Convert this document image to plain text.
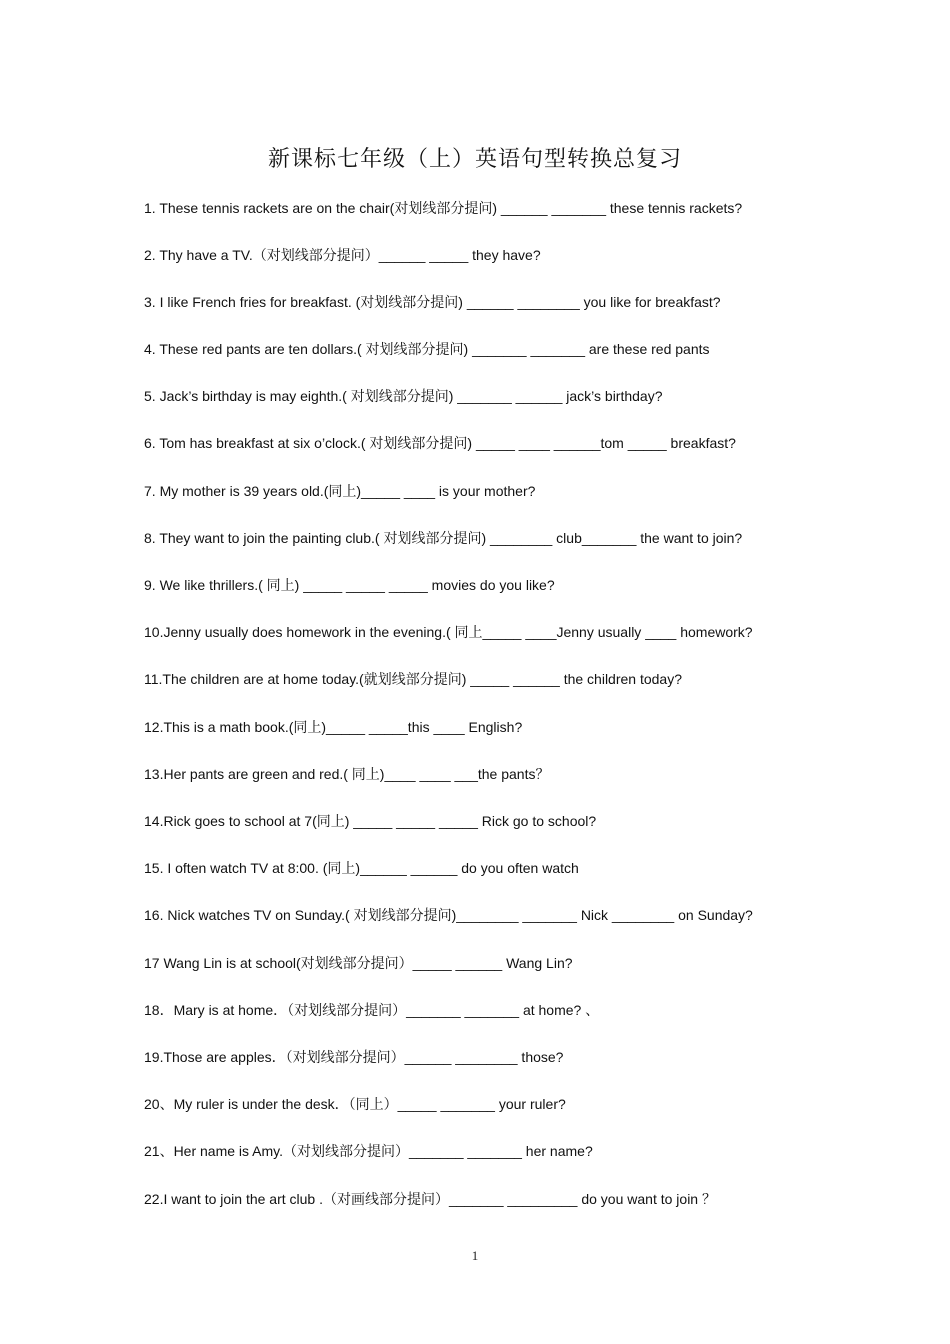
新课标七年级（上）英语句型转换总复习
1. These tennis rackets are on the chair(对划线部分提问) ______ _______ these tennis rackets?
2. Thy have a TV.（对划线部分提问）______ _____ they have?
3. I like French fries for breakfast. (对划线部分提问) ______ ________ you like for breakfast?
4. These red pants are ten dollars.( 对划线部分提问) _______ _______ are these red pants
5. Jack’s birthday is may eighth.( 对划线部分提问) _______ ______ jack’s birthday?
6. Tom has breakfast at six o’clock.( 对划线部分提问) _____ ____ ______tom _____ breakfast?
7. My mother is 39 years old.(同上)_____ ____ is your mother?
8. They want to join the painting club.( 对划线部分提问) ________ club_______ the want to join?
9. We like thrillers.( 同上) _____ _____ _____ movies do you like?
10.Jenny usually does homework in the evening.( 同上_____ ____Jenny usually ____ homework?
11.The children are at home today.(就划线部分提问) _____ ______ the children today?
12.This is a math book.(同上)_____ _____this ____ English?
13.Her pants are green and red.( 同上)____ ____ ___the pants？
14.Rick goes to school at 7(同上) _____ _____ _____ Rick go to school?
15. I often watch TV at 8:00. (同上)______ ______ do you often watch
16. Nick watches TV on Sunday.( 对划线部分提问)________ _______ Nick ________ on Sunday?
17 Wang Lin is at school(对划线部分提问）_____ ______ Wang Lin?
18．Mary is at home．（对划线部分提问）_______ _______ at home? 、
19.Those are apples．（对划线部分提问）______ ________ those?
20、My ruler is under the desk．（同上）_____ _______ your ruler?
21、Her name is Amy.（对划线部分提问）_______ _______ her name?
22.I want to join the art club .（对画线部分提问）_______ _________ do you want to join ？
1
